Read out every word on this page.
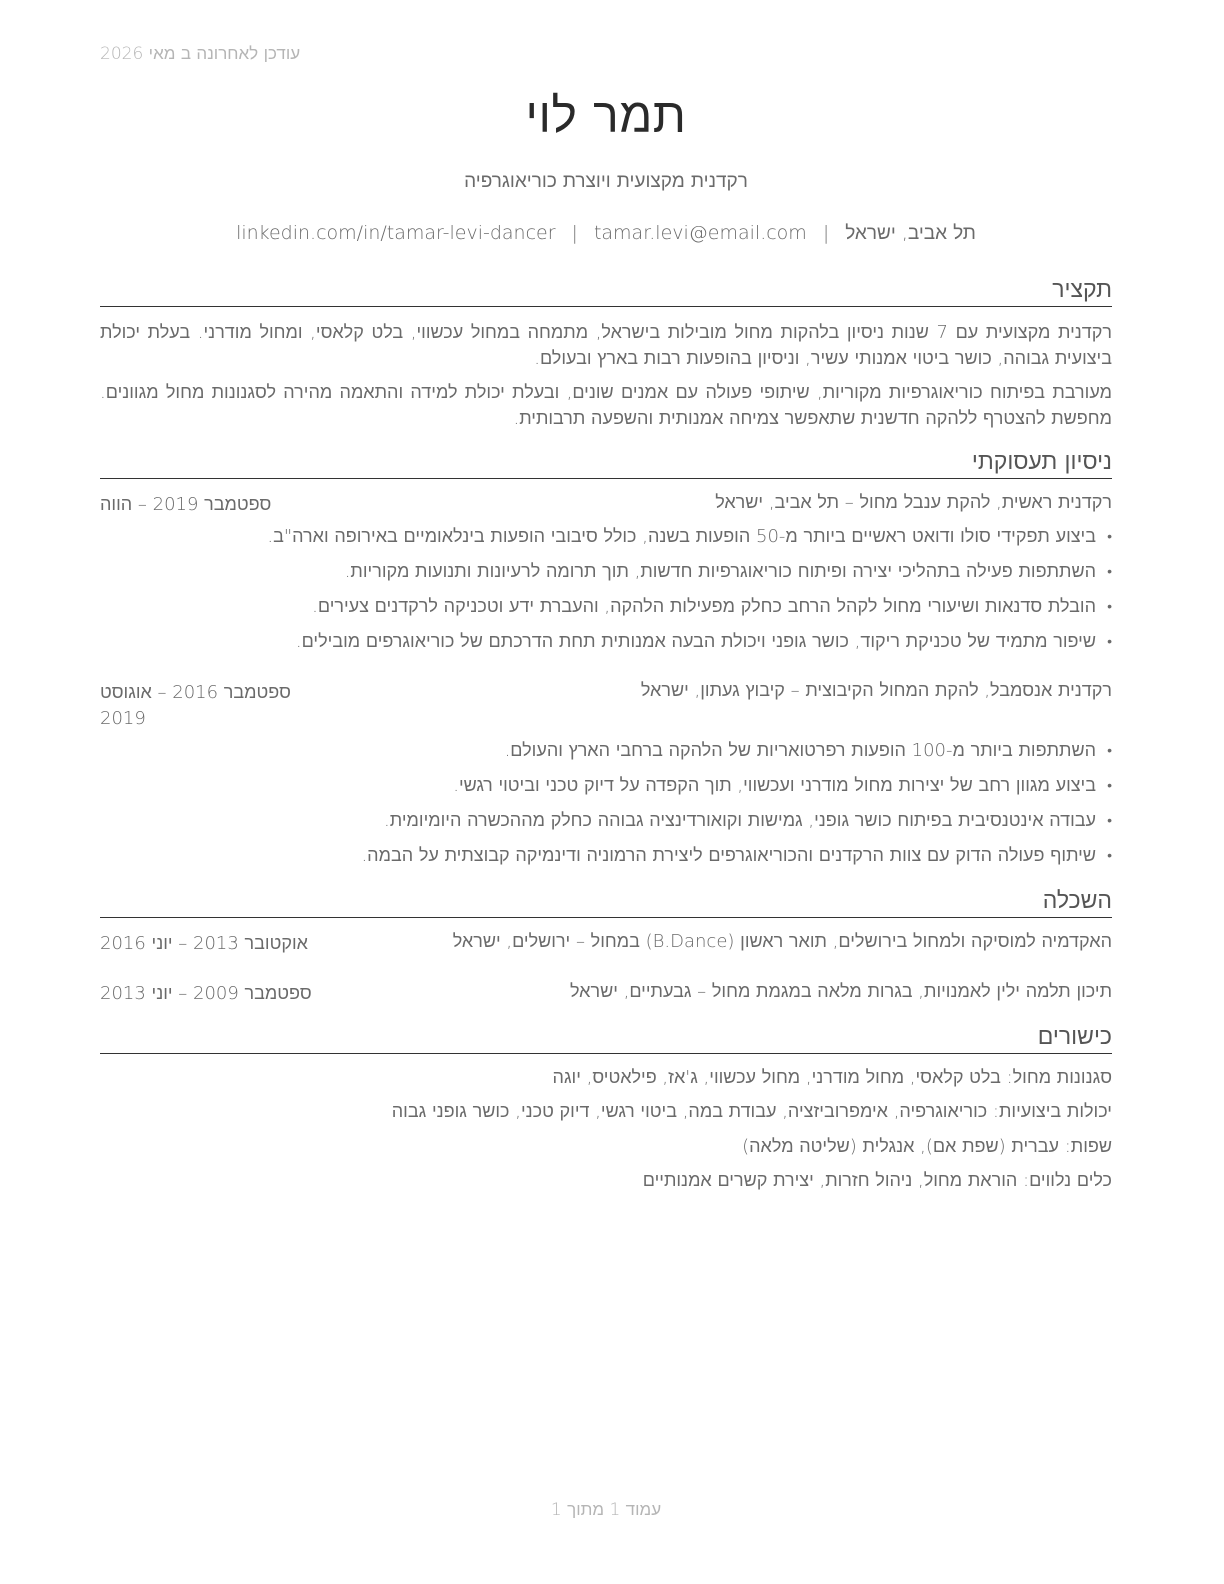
עודכן לאחרונה ב מאי 2026
תמר לוי
רקדנית מקצועית ויוצרת כוריאוגרפיה
תל אביב, ישראל|tamar.levi@email.com|linkedin.com/in/tamar-levi-dancer
תקציר
רקדנית מקצועית עם 7 שנות ניסיון בלהקות מחול מובילות בישראל, מתמחה במחול עכשווי, בלט קלאסי, ומחול מודרני. בעלת יכולת ביצועית גבוהה, כושר ביטוי אמנותי עשיר, וניסיון בהופעות רבות בארץ ובעולם.
מעורבת בפיתוח כוריאוגרפיות מקוריות, שיתופי פעולה עם אמנים שונים, ובעלת יכולת למידה והתאמה מהירה לסגנונות מחול מגוונים. מחפשת להצטרף ללהקה חדשנית שתאפשר צמיחה אמנותית והשפעה תרבותית.
ניסיון תעסוקתי
רקדנית ראשית, להקת ענבל מחול – תל אביב, ישראל
ספטמבר 2019 – הווה
• ביצוע תפקידי סולו ודואט ראשיים ביותר מ-50 הופעות בשנה, כולל סיבובי הופעות בינלאומיים באירופה וארה"ב.
• השתתפות פעילה בתהליכי יצירה ופיתוח כוריאוגרפיות חדשות, תוך תרומה לרעיונות ותנועות מקוריות.
• הובלת סדנאות ושיעורי מחול לקהל הרחב כחלק מפעילות הלהקה, והעברת ידע וטכניקה לרקדנים צעירים.
• שיפור מתמיד של טכניקת ריקוד, כושר גופני ויכולת הבעה אמנותית תחת הדרכתם של כוריאוגרפים מובילים.
רקדנית אנסמבל, להקת המחול הקיבוצית – קיבוץ געתון, ישראל
ספטמבר 2016 – אוגוסט 2019
• השתתפות ביותר מ-100 הופעות רפרטואריות של הלהקה ברחבי הארץ והעולם.
• ביצוע מגוון רחב של יצירות מחול מודרני ועכשווי, תוך הקפדה על דיוק טכני וביטוי רגשי.
• עבודה אינטנסיבית בפיתוח כושר גופני, גמישות וקואורדינציה גבוהה כחלק מההכשרה היומיומית.
• שיתוף פעולה הדוק עם צוות הרקדנים והכוריאוגרפים ליצירת הרמוניה ודינמיקה קבוצתית על הבמה.
השכלה
האקדמיה למוסיקה ולמחול בירושלים, תואר ראשון (B.Dance) במחול – ירושלים, ישראל
אוקטובר 2013 – יוני 2016
תיכון תלמה ילין לאמנויות, בגרות מלאה במגמת מחול – גבעתיים, ישראל
ספטמבר 2009 – יוני 2013
כישורים
סגנונות מחול: בלט קלאסי, מחול מודרני, מחול עכשווי, ג'אז, פילאטיס, יוגה
יכולות ביצועיות: כוריאוגרפיה, אימפרוביזציה, עבודת במה, ביטוי רגשי, דיוק טכני, כושר גופני גבוה
שפות: עברית (שפת אם), אנגלית (שליטה מלאה)
כלים נלווים: הוראת מחול, ניהול חזרות, יצירת קשרים אמנותיים
עמוד 1 מתוך 1
